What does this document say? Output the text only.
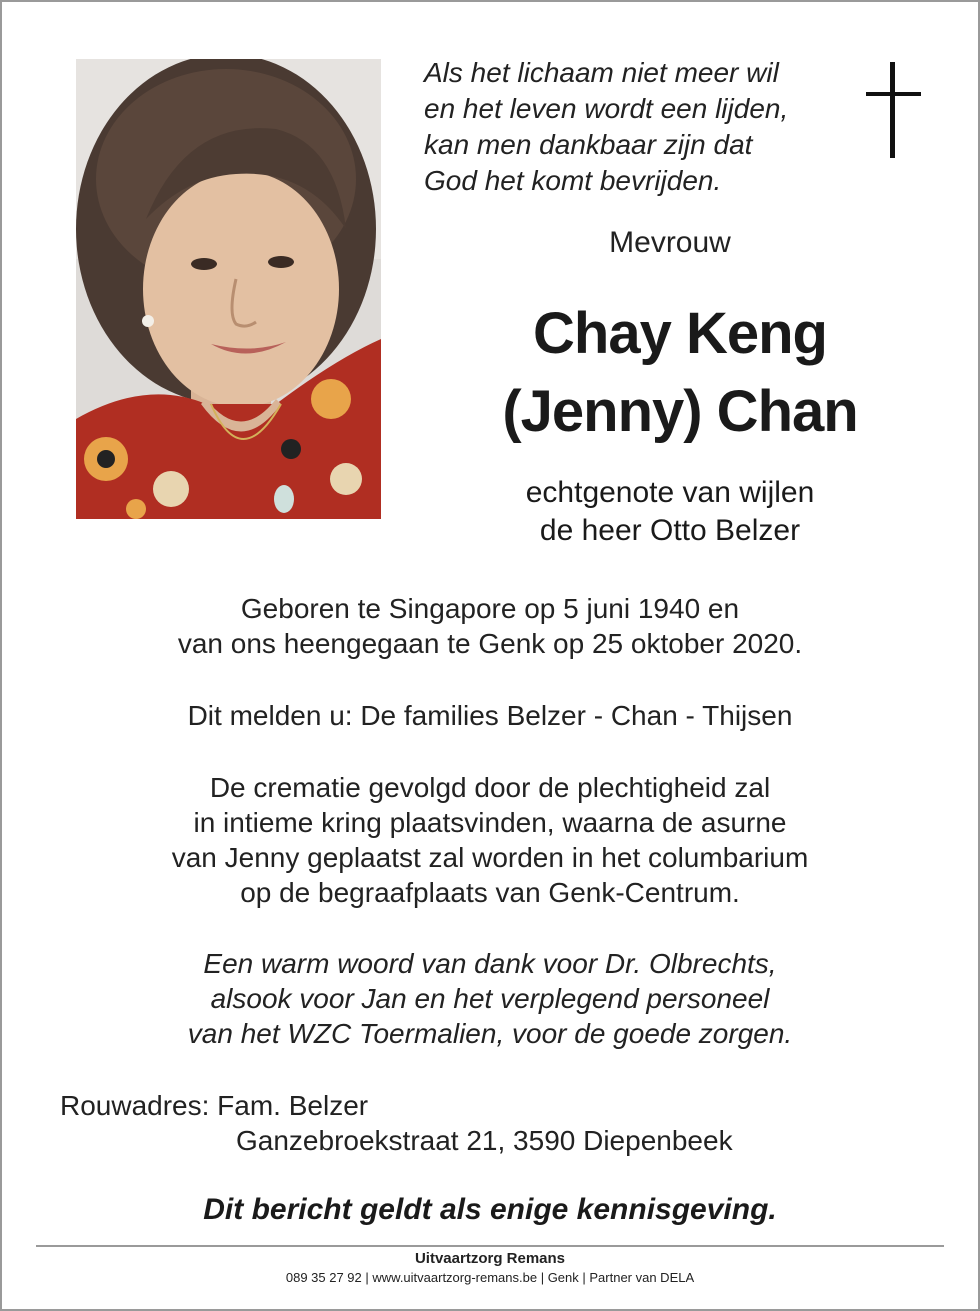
Als het lichaam niet meer wil
en het leven wordt een lijden,
kan men dankbaar zijn dat
God het komt bevrijden.
Mevrouw
Chay Keng
(Jenny) Chan
echtgenote van wijlen
de heer Otto Belzer
Geboren te Singapore op 5 juni 1940 en
van ons heengegaan te Genk op 25 oktober 2020.
Dit melden u: De families Belzer - Chan - Thijsen
De crematie gevolgd door de plechtigheid zal
in intieme kring plaatsvinden, waarna de asurne
van Jenny geplaatst zal worden in het columbarium
op de begraafplaats van Genk-Centrum.
Een warm woord van dank voor Dr. Olbrechts,
alsook voor Jan en het verplegend personeel
van het WZC Toermalien, voor de goede zorgen.
Rouwadres: Fam. Belzer
Ganzebroekstraat 21, 3590 Diepenbeek
Dit bericht geldt als enige kennisgeving.
Uitvaartzorg Remans
089 35 27 92 | www.uitvaartzorg-remans.be | Genk | Partner van DELA
